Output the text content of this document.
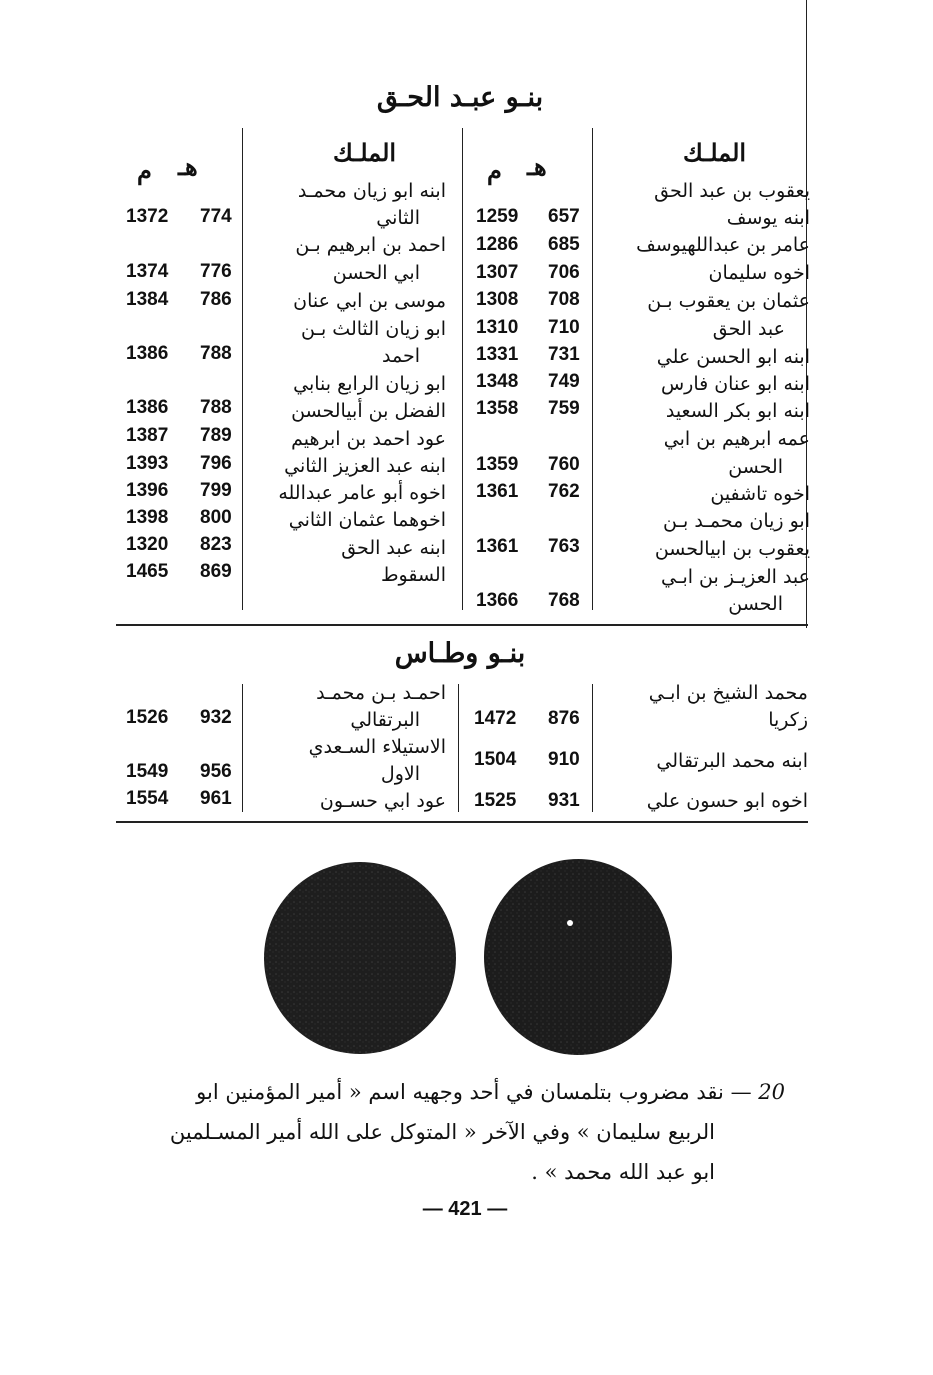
بنـو عبـد الحـق
الملـك
هـ
م
الملـك
هـ
م
يعقوب بن عبد الحق
ابنه يوسف
عامر بن عبداللهيوسف
اخوه سليمان
عثمان بن يعقوب بـن
عبد الحق
ابنه ابو الحسن علي
ابنه ابو عنان فارس
ابنه ابو بكر السعيد
عمه ابرهيم بن ابي
الحسن
اخوه تاشفين
ابو زيان محمـد بـن
يعقوب بن ابيالحسن
عبد العزيـز بن ابـي
الحسن
657
1259
685
1286
706
1307
708
1308
710
1310
731
1331
749
1348
759
1358
760
1359
762
1361
763
1361
768
1366
ابنه ابو زيان محمـد
الثاني
احمد بن ابرهيم بـن
ابي الحسن
موسى بن ابي عنان
ابو زيان الثالث بـن
احمد
ابو زيان الرابع بنابي
الفضل بن أبيالحسن
عود احمد بن ابرهيم
ابنه عبد العزيز الثاني
اخوه أبو عامر عبدالله
اخوهما عثمان الثاني
ابنه عبد الحق
السقوط
774
1372
776
1374
786
1384
788
1386
788
1386
789
1387
796
1393
799
1396
800
1398
823
1320
869
1465
بنـو وطـاس
محمد الشيخ بن ابـي
زكريا
ابنه محمد البرتقالي
اخوه ابو حسون علي
876
1472
910
1504
931
1525
احمـد بـن محمـد
البرتقالي
الاستيلاء السـعدي
الاول
عود ابي حسـون
932
1526
956
1549
961
1554
20 — نقد مضروب بتلمسان في أحد وجهيه اسم « أمير المؤمنين ابو
الربيع سليمان » وفي الآخر « المتوكل على الله أمير المسـلمين
ابو عبد الله محمد » .
— 421 —
